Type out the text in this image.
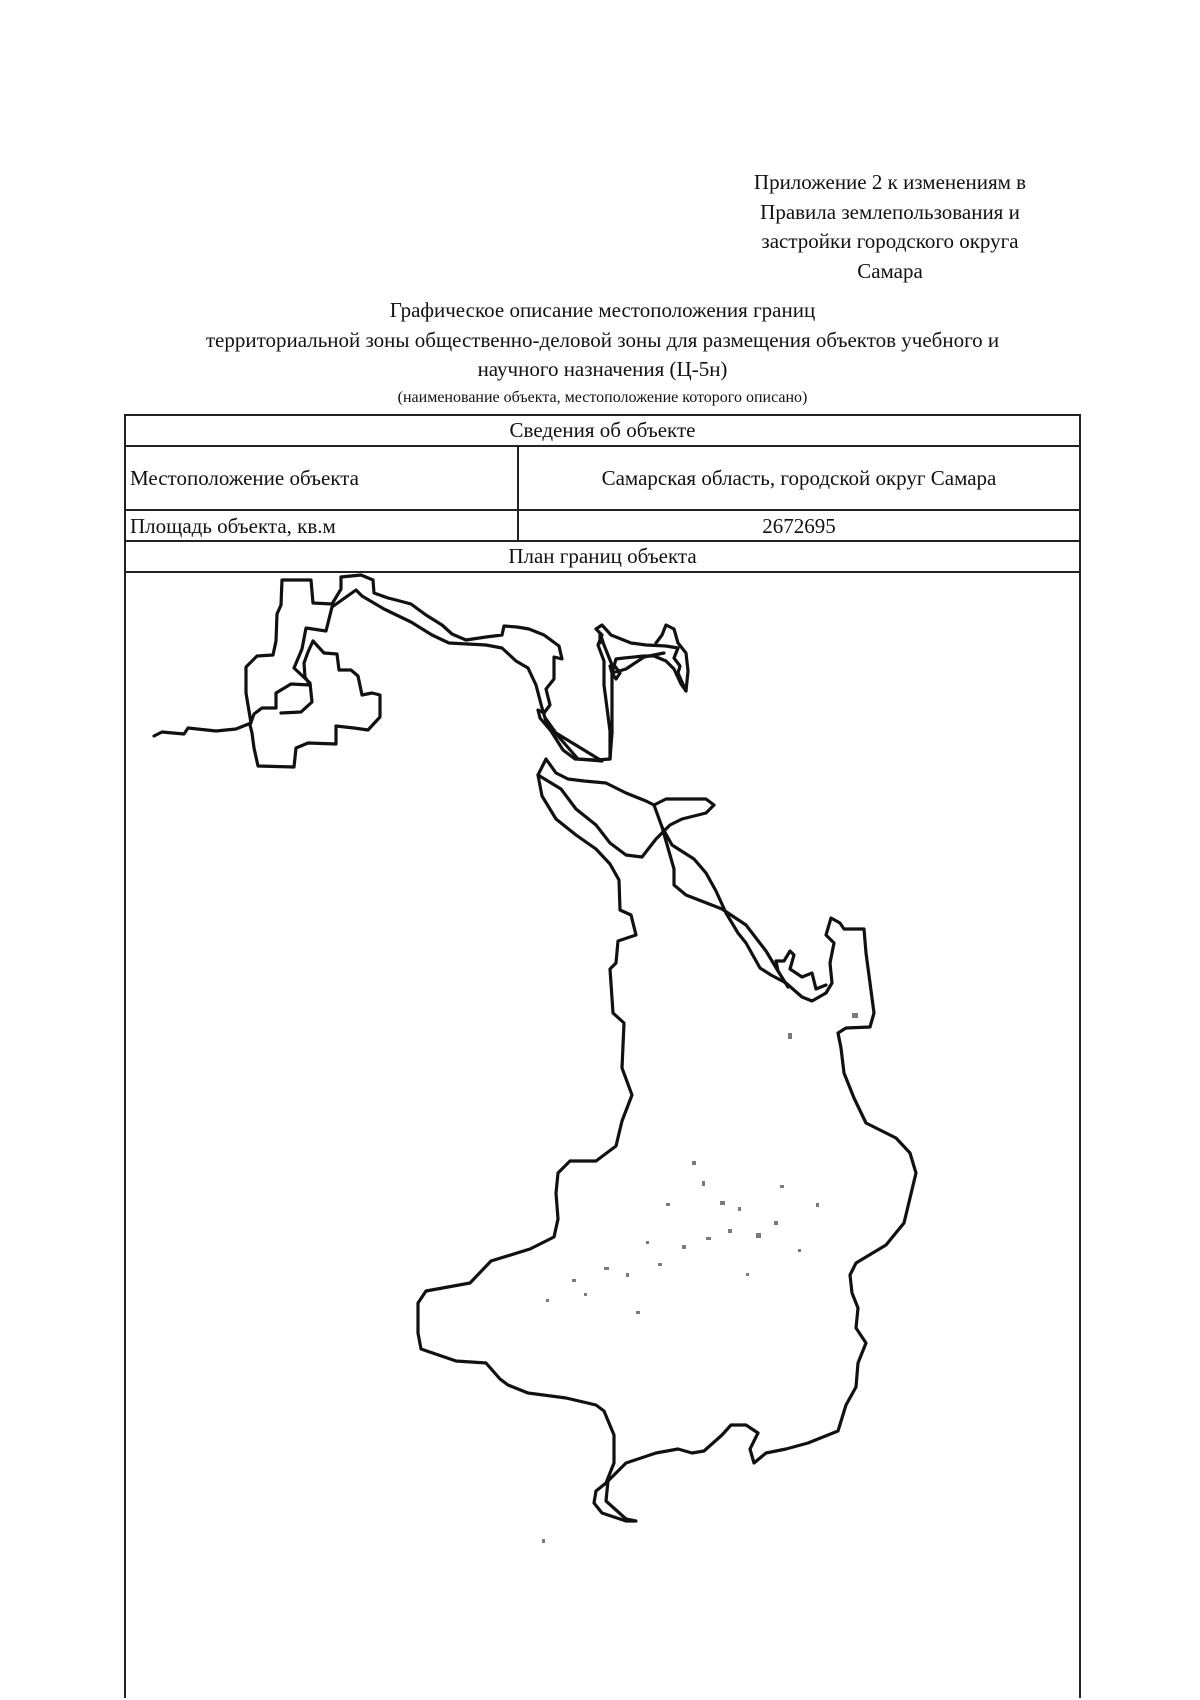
Приложение 2 к изменениям в
Правила землепользования и
застройки городского округа
Самара
Графическое описание местоположения границ
территориальной зоны общественно-деловой зоны для размещения объектов учебного и
научного назначения (Ц-5н)
(наименование объекта, местоположение которого описано)
Сведения об объекте
Местоположение объекта	Самарская область, городской округ Самара
Площадь объекта, кв.м	2672695
План границ объекта
